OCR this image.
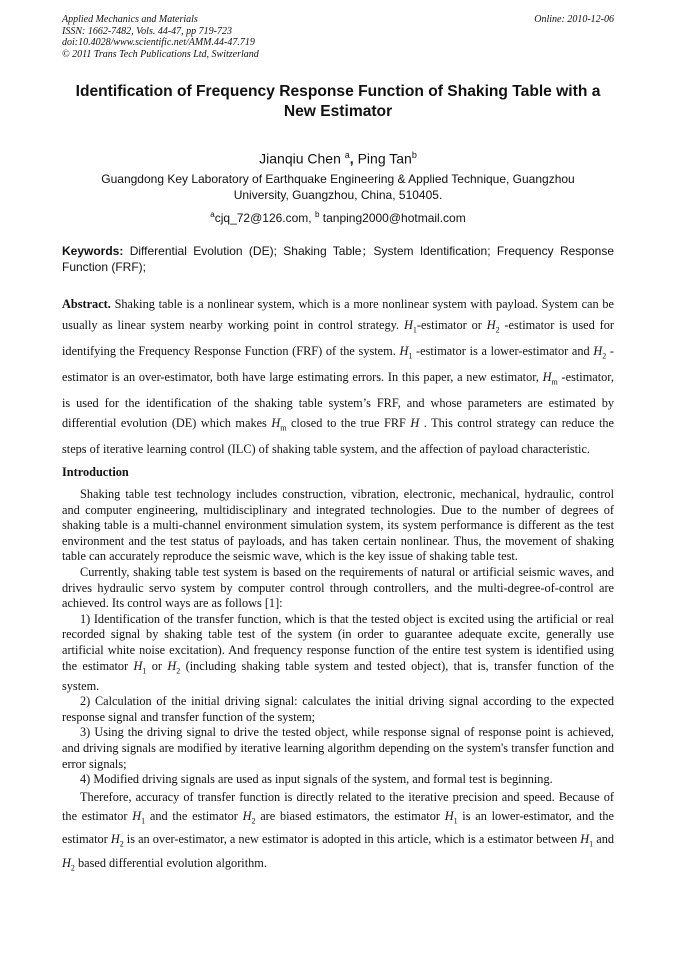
Applied Mechanics and Materials
ISSN: 1662-7482, Vols. 44-47, pp 719-723
doi:10.4028/www.scientific.net/AMM.44-47.719
© 2011 Trans Tech Publications Ltd, Switzerland
Online: 2010-12-06
Identification of Frequency Response Function of Shaking Table with a New Estimator
Jianqiu Chen $^a$, Ping Tan$^b$
Guangdong Key Laboratory of Earthquake Engineering & Applied Technique, Guangzhou University, Guangzhou, China, 510405.
$^a$cjq_72@126.com, $^b$ tanping2000@hotmail.com
Keywords: Differential Evolution (DE); Shaking Table；System Identification; Frequency Response Function (FRF);
Abstract. Shaking table is a nonlinear system, which is a more nonlinear system with payload. System can be usually as linear system nearby working point in control strategy. $H_1$-estimator or $H_2$ -estimator is used for identifying the Frequency Response Function (FRF) of the system. $H_1$ -estimator is a lower-estimator and $H_2$ -estimator is an over-estimator, both have large estimating errors. In this paper, a new estimator, $H_m$ -estimator, is used for the identification of the shaking table system’s FRF, and whose parameters are estimated by differential evolution (DE) which makes $H_m$ closed to the true FRF H . This control strategy can reduce the steps of iterative learning control (ILC) of shaking table system, and the affection of payload characteristic.
Introduction

Shaking table test technology includes construction, vibration, electronic, mechanical, hydraulic, control and computer engineering, multidisciplinary and integrated technologies. Due to the number of degrees of shaking table is a multi-channel environment simulation system, its system performance is different as the test environment and the test status of payloads, and has taken certain nonlinear. Thus, the movement of shaking table can accurately reproduce the seismic wave, which is the key issue of shaking table test.

Currently, shaking table test system is based on the requirements of natural or artificial seismic waves, and drives hydraulic servo system by computer control through controllers, and the multi-degree-of-control are achieved. Its control ways are as follows [1]:

1) Identification of the transfer function, which is that the tested object is excited using the artificial or real recorded signal by shaking table test of the system (in order to guarantee adequate excite, generally use artificial white noise excitation). And frequency response function of the entire test system is identified using the estimator $H_1$ or $H_2$ (including shaking table system and tested object), that is, transfer function of the system.

2) Calculation of the initial driving signal: calculates the initial driving signal according to the expected response signal and transfer function of the system;

3) Using the driving signal to drive the tested object, while response signal of response point is achieved, and driving signals are modified by iterative learning algorithm depending on the system's transfer function and error signals;

4) Modified driving signals are used as input signals of the system, and formal test is beginning.

Therefore, accuracy of transfer function is directly related to the iterative precision and speed. Because of the estimator $H_1$ and the estimator $H_2$ are biased estimators, the estimator $H_1$ is an lower-estimator, and the estimator $H_2$ is an over-estimator, a new estimator is adopted in this article, which is a estimator between $H_1$ and $H_2$ based differential evolution algorithm.
